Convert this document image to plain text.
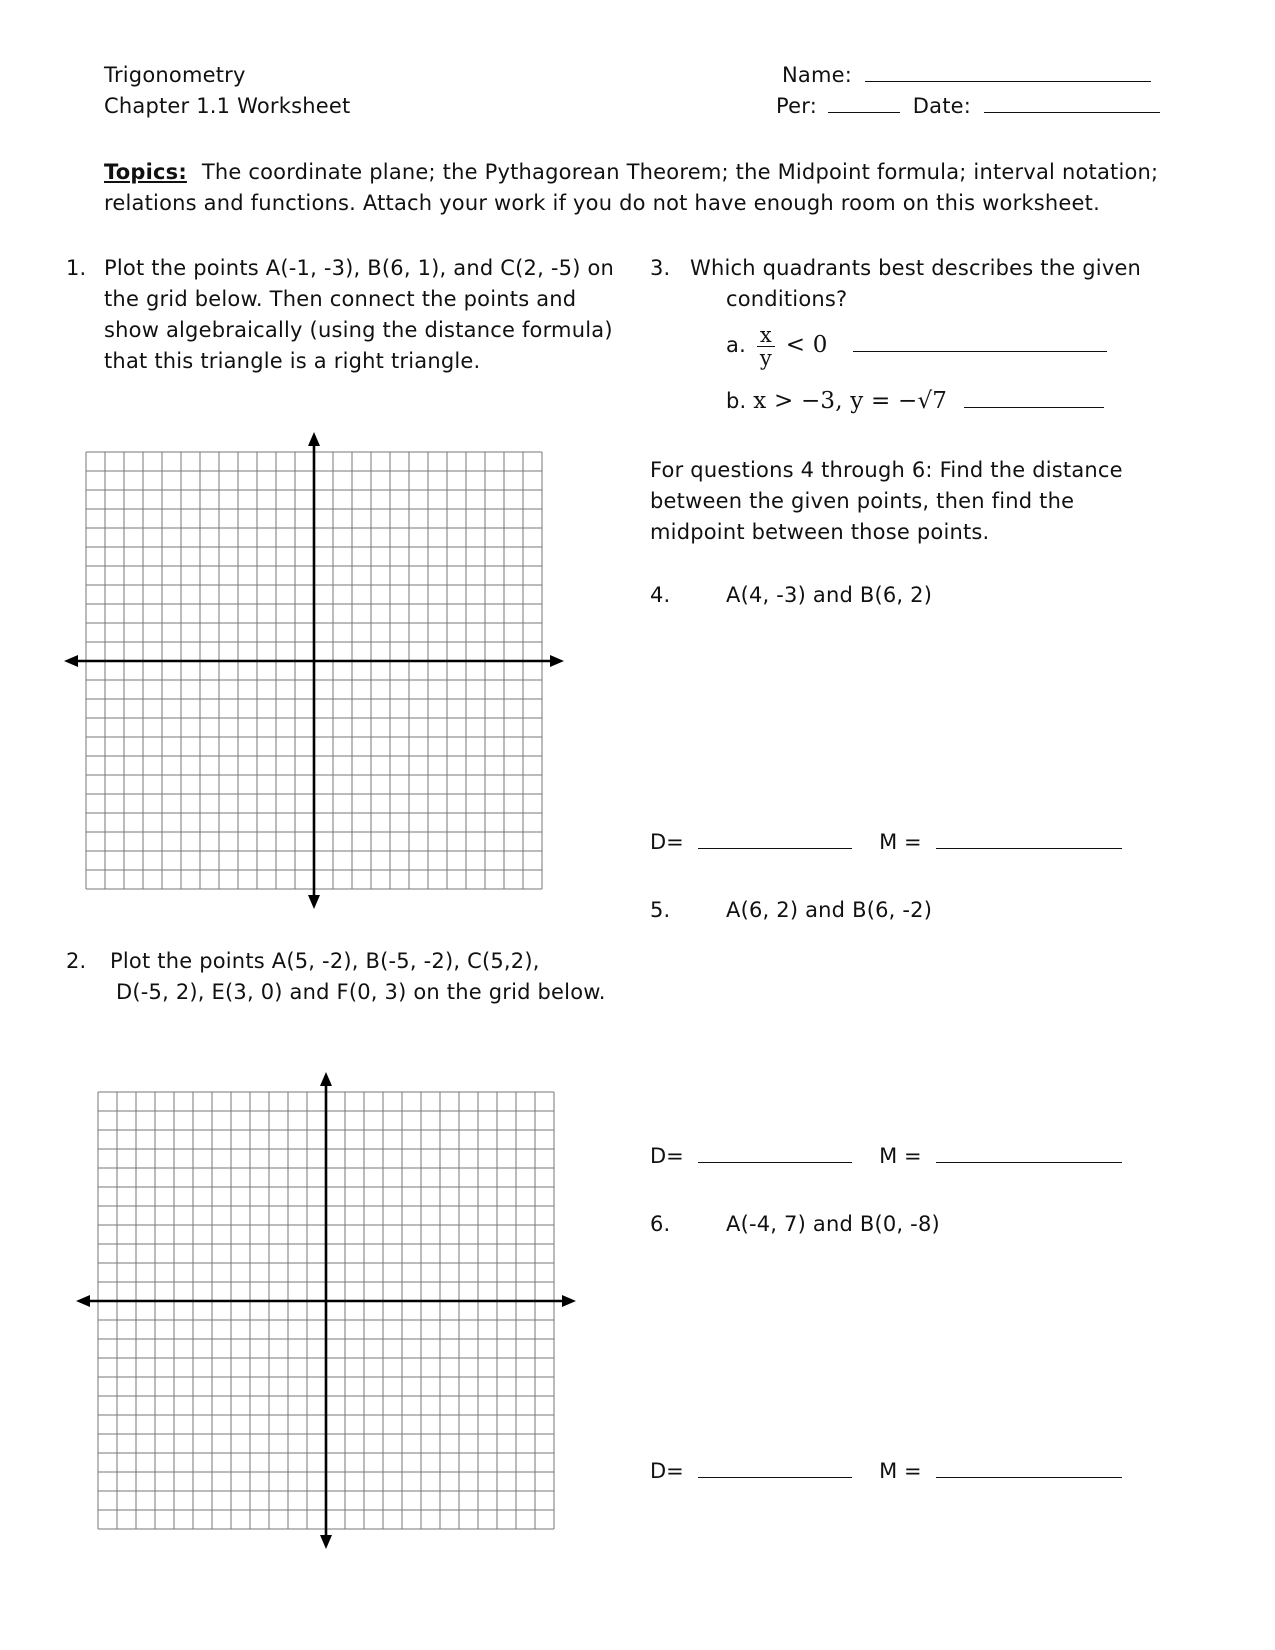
Trigonometry
Chapter 1.1 Worksheet
Name:
Per:	Date:
Topics: The coordinate plane; the Pythagorean Theorem; the Midpoint formula; interval notation;
relations and functions. Attach your work if you do not have enough room on this worksheet.
1. Plot the points A(-1, -3), B(6, 1), and C(2, -5) on
the grid below. Then connect the points and
show algebraically (using the distance formula)
that this triangle is a right triangle.
2. Plot the points A(5, -2), B(-5, -2), C(5,2),
D(-5, 2), E(3, 0) and F(0, 3) on the grid below.
3. Which quadrants best describes the given
conditions?
a. $\frac{x}{y} < 0$
b. x > −3, y = −√7
For questions 4 through 6: Find the distance
between the given points, then find the
midpoint between those points.
4.	A(4, -3) and B(6, 2)
D=	M =
5.	A(6, 2) and B(6, -2)
D=	M =
6.	A(-4, 7) and B(0, -8)
D=	M =
